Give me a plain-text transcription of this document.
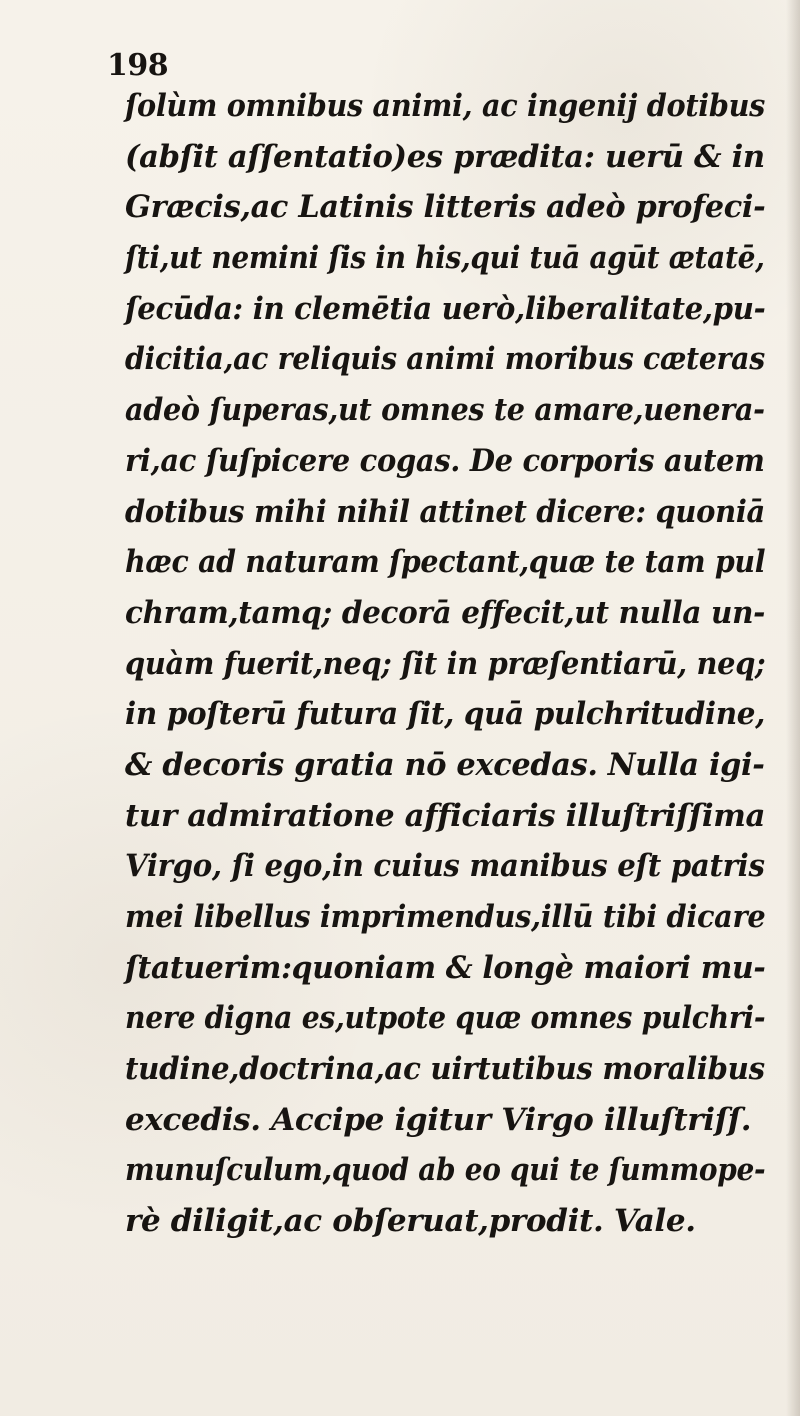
198
ſolùm omnibus animi, ac ingenij dotibus
(abſit aſſentatio)es prædita: uerū & in
Græcis,ac Latinis litteris adeò profeci-
ſti,ut nemini ſis in his,qui tuā agūt ætatē,
ſecūda: in clemētia uerò,liberalitate,pu-
dicitia,ac reliquis animi moribus cæteras
adeò ſuperas,ut omnes te amare,uenera-
ri,ac ſuſpicere cogas. De corporis autem
dotibus mihi nihil attinet dicere: quoniā
hæc ad naturam ſpectant,quæ te tam pul
chram,tamq; decorā effecit,ut nulla un-
quàm fuerit,neq; ſit in præſentiarū, neq;
in poſterū futura ſit, quā pulchritudine,
& decoris gratia nō excedas. Nulla igi-
tur admiratione afficiaris illuſtriſſima
Virgo, ſi ego,in cuius manibus eſt patris
mei libellus imprimendus,illū tibi dicare
ſtatuerim:quoniam & longè maiori mu-
nere digna es,utpote quæ omnes pulchri-
tudine,doctrina,ac uirtutibus moralibus
excedis. Accipe igitur Virgo illuſtriſſ.
munuſculum,quod ab eo qui te ſummope-
rè diligit,ac obſeruat,prodit. Vale.
